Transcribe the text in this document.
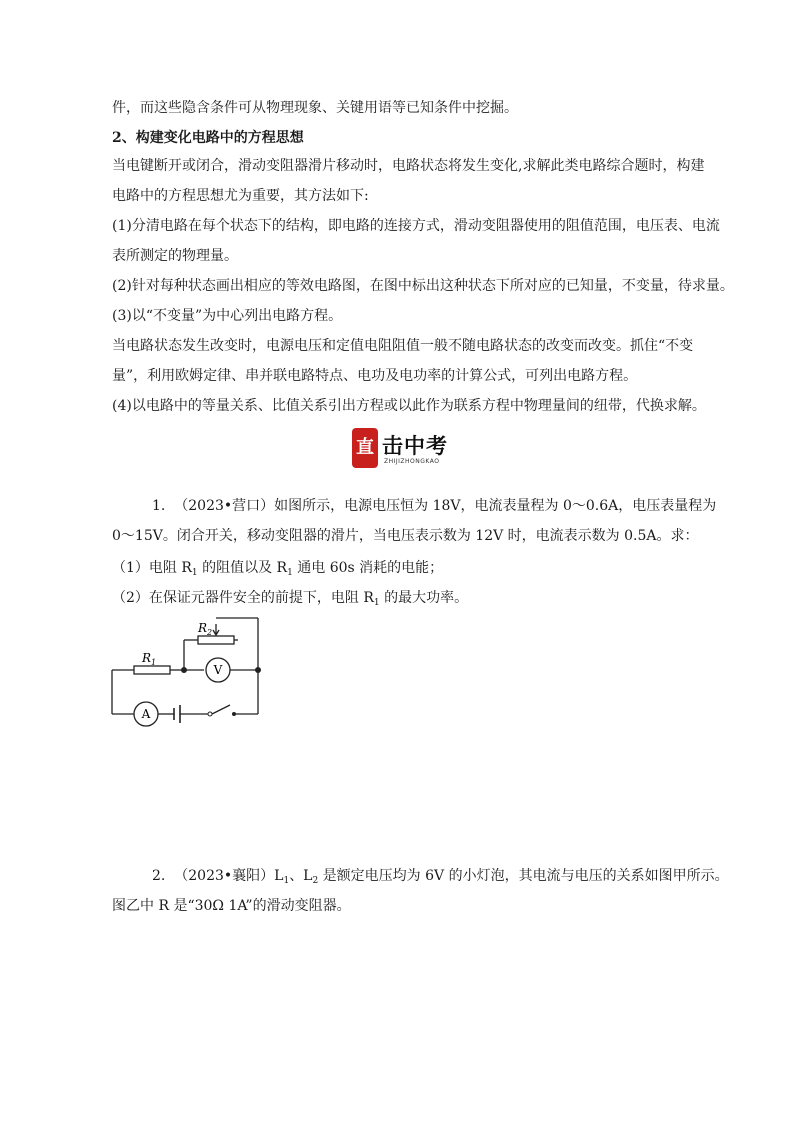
件，而这些隐含条件可从物理现象、关键用语等已知条件中挖掘。
2、构建变化电路中的方程思想
当电键断开或闭合，滑动变阻器滑片移动时，电路状态将发生变化,求解此类电路综合题时，构建
电路中的方程思想尤为重要，其方法如下:
(1)分清电路在每个状态下的结构，即电路的连接方式，滑动变阻器使用的阻值范围，电压表、电流
表所测定的物理量。
(2)针对每种状态画出相应的等效电路图，在图中标出这种状态下所对应的已知量，不变量，待求量。
(3)以“不变量”为中心列出电路方程。
当电路状态发生改变时，电源电压和定值电阻阻值一般不随电路状态的改变而改变。抓住“不变
量”，利用欧姆定律、串并联电路特点、电功及电功率的计算公式，可列出电路方程。
(4)以电路中的等量关系、比值关系引出方程或以此作为联系方程中物理量间的纽带，代换求解。
直 击中考
ZHIJIZHONGKAO
1. （2023•营口）如图所示，电源电压恒为 18V，电流表量程为 0～0.6A，电压表量程为
0～15V。闭合开关，移动变阻器的滑片，当电压表示数为 12V 时，电流表示数为 0.5A。求：
（1）电阻 $R_1$ 的阻值以及 $R_1$ 通电 60s 消耗的电能；
（2）在保证元器件安全的前提下，电阻 $R_1$ 的最大功率。
$R_1$
$R_2$
V
A
2. （2023•襄阳）$L_1$、$L_2$ 是额定电压均为 6V 的小灯泡，其电流与电压的关系如图甲所示。
图乙中 R 是“30Ω 1A”的滑动变阻器。
